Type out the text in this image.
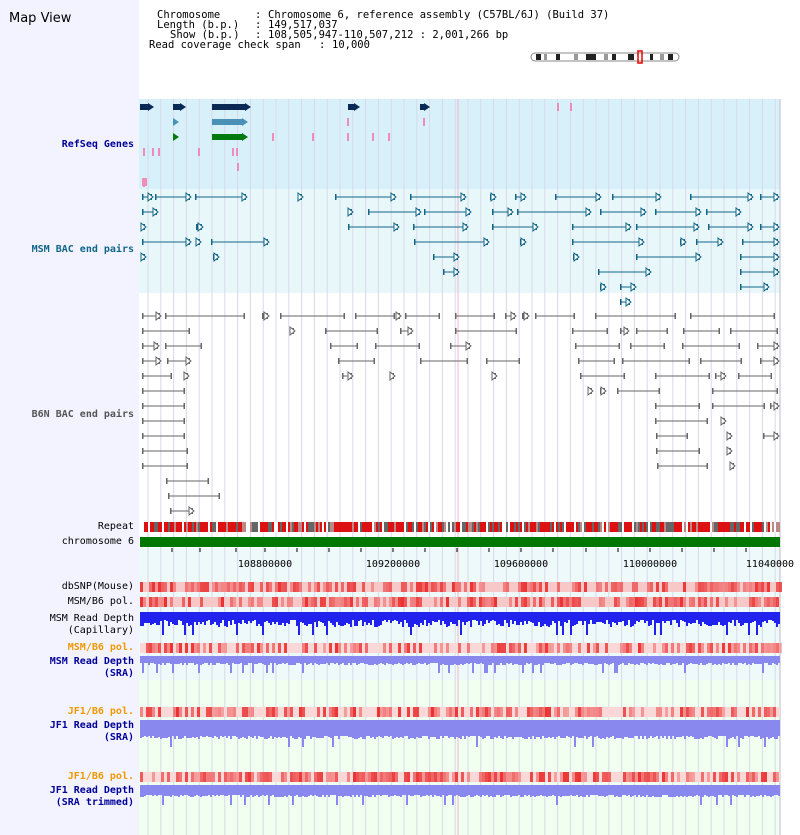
Map View	Chromosome	: Chromosome 6, reference assembly (C57BL/6J) (Build 37)
Length (b.p.) : 149,517,037
Show (b.p.) : 108,505,947-110,507,212 : 2,001,266 bp
Read coverage check span : 10,000
RefSeq Genes
MSM BAC end pairs
B6N BAC end pairs
Repeat
chromosome 6
dbSNP(Mouse)
MSM/B6 pol.
MSM Read Depth
(Capillary)
MSM/B6 pol.
MSM Read Depth
(SRA)
JF1/B6 pol.
JF1 Read Depth
(SRA)
JF1/B6 pol.
JF1 Read Depth
(SRA trimmed)
108800000	109200000	109600000	110000000	11040000
